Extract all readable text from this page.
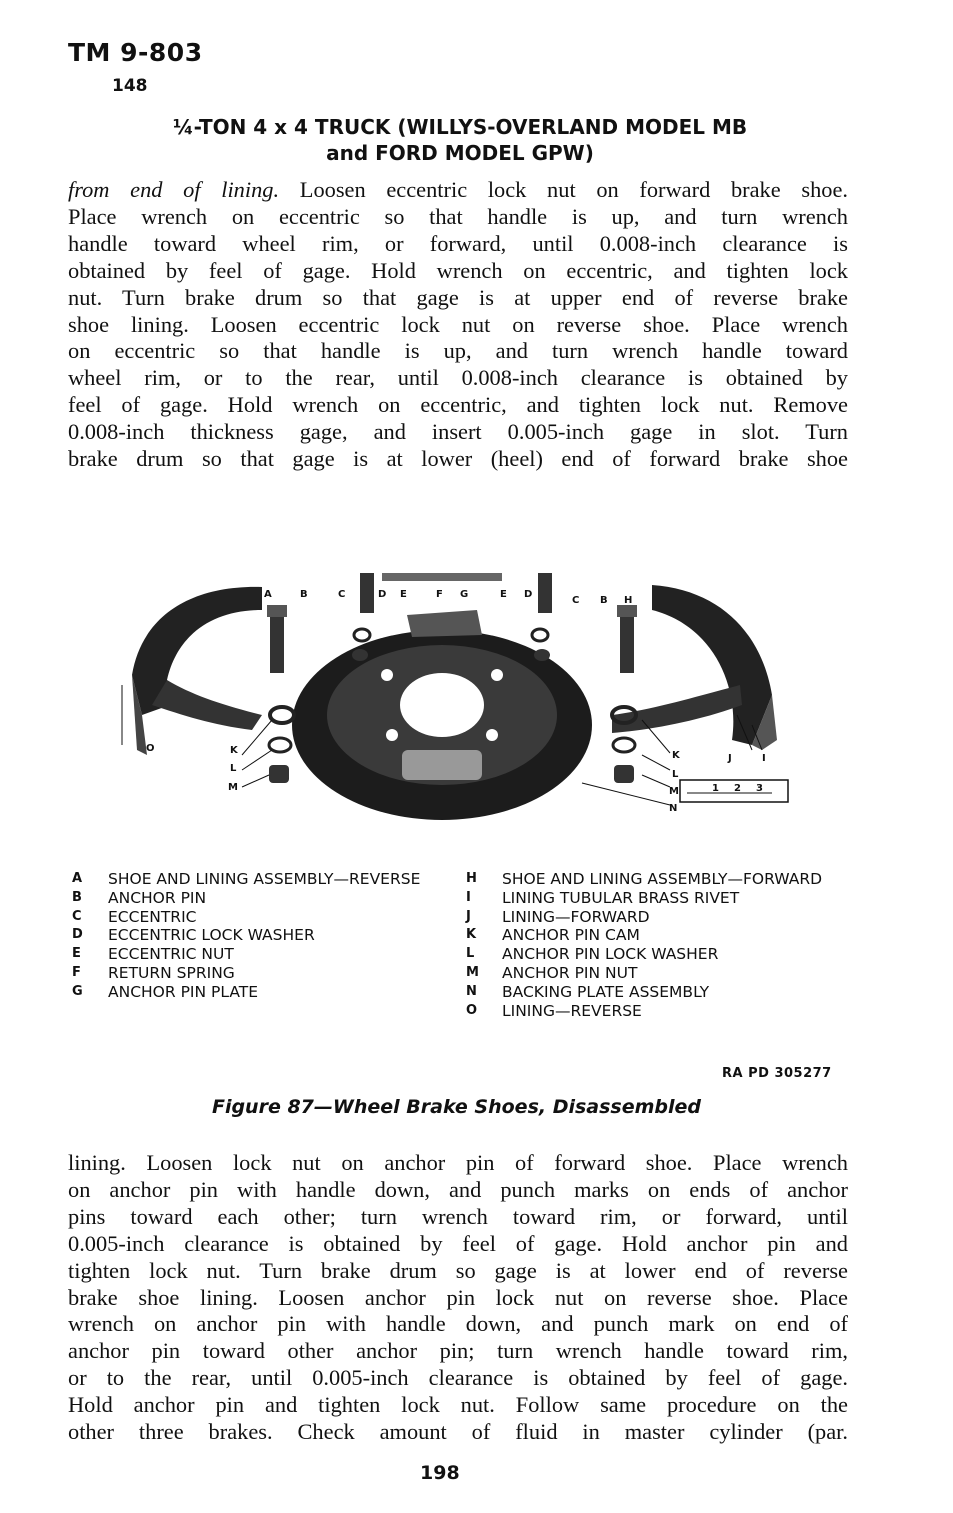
TM 9-803
148
¼-TON 4 x 4 TRUCK (WILLYS-OVERLAND MODEL MB
and FORD MODEL GPW)
from end of lining. Loosen eccentric lock nut on forward brake shoe.
Place wrench on eccentric so that handle is up, and turn wrench
handle toward wheel rim, or forward, until 0.008-inch clearance is
obtained by feel of gage. Hold wrench on eccentric, and tighten lock
nut. Turn brake drum so that gage is at upper end of reverse brake
shoe lining. Loosen eccentric lock nut on reverse shoe. Place wrench
on eccentric so that handle is up, and turn wrench handle toward
wheel rim, or to the rear, until 0.008-inch clearance is obtained by
feel of gage. Hold wrench on eccentric, and tighten lock nut. Remove
0.008-inch thickness gage, and insert 0.005-inch gage in slot. Turn
brake drum so that gage is at lower (heel) end of forward brake shoe
1 2 3
A	B	C	D E	F G	E D
C B H
O	K
L
M
K	J	I
L
M
N
A	SHOE AND LINING ASSEMBLY—REVERSE
B	ANCHOR PIN
C	ECCENTRIC
D	ECCENTRIC LOCK WASHER
E	ECCENTRIC NUT
F	RETURN SPRING
G	ANCHOR PIN PLATE
H	SHOE AND LINING ASSEMBLY—FORWARD
I	LINING TUBULAR BRASS RIVET
J	LINING—FORWARD
K	ANCHOR PIN CAM
L	ANCHOR PIN LOCK WASHER
M	ANCHOR PIN NUT
N	BACKING PLATE ASSEMBLY
O	LINING—REVERSE
RA PD 305277
Figure 87—Wheel Brake Shoes, Disassembled
lining. Loosen lock nut on anchor pin of forward shoe. Place wrench
on anchor pin with handle down, and punch marks on ends of anchor
pins toward each other; turn wrench toward rim, or forward, until
0.005-inch clearance is obtained by feel of gage. Hold anchor pin and
tighten lock nut. Turn brake drum so gage is at lower end of reverse
brake shoe lining. Loosen anchor pin lock nut on reverse shoe. Place
wrench on anchor pin with handle down, and punch mark on end of
anchor pin toward other anchor pin; turn wrench handle toward rim,
or to the rear, until 0.005-inch clearance is obtained by feel of gage.
Hold anchor pin and tighten lock nut. Follow same procedure on the
other three brakes. Check amount of fluid in master cylinder (par.
198
